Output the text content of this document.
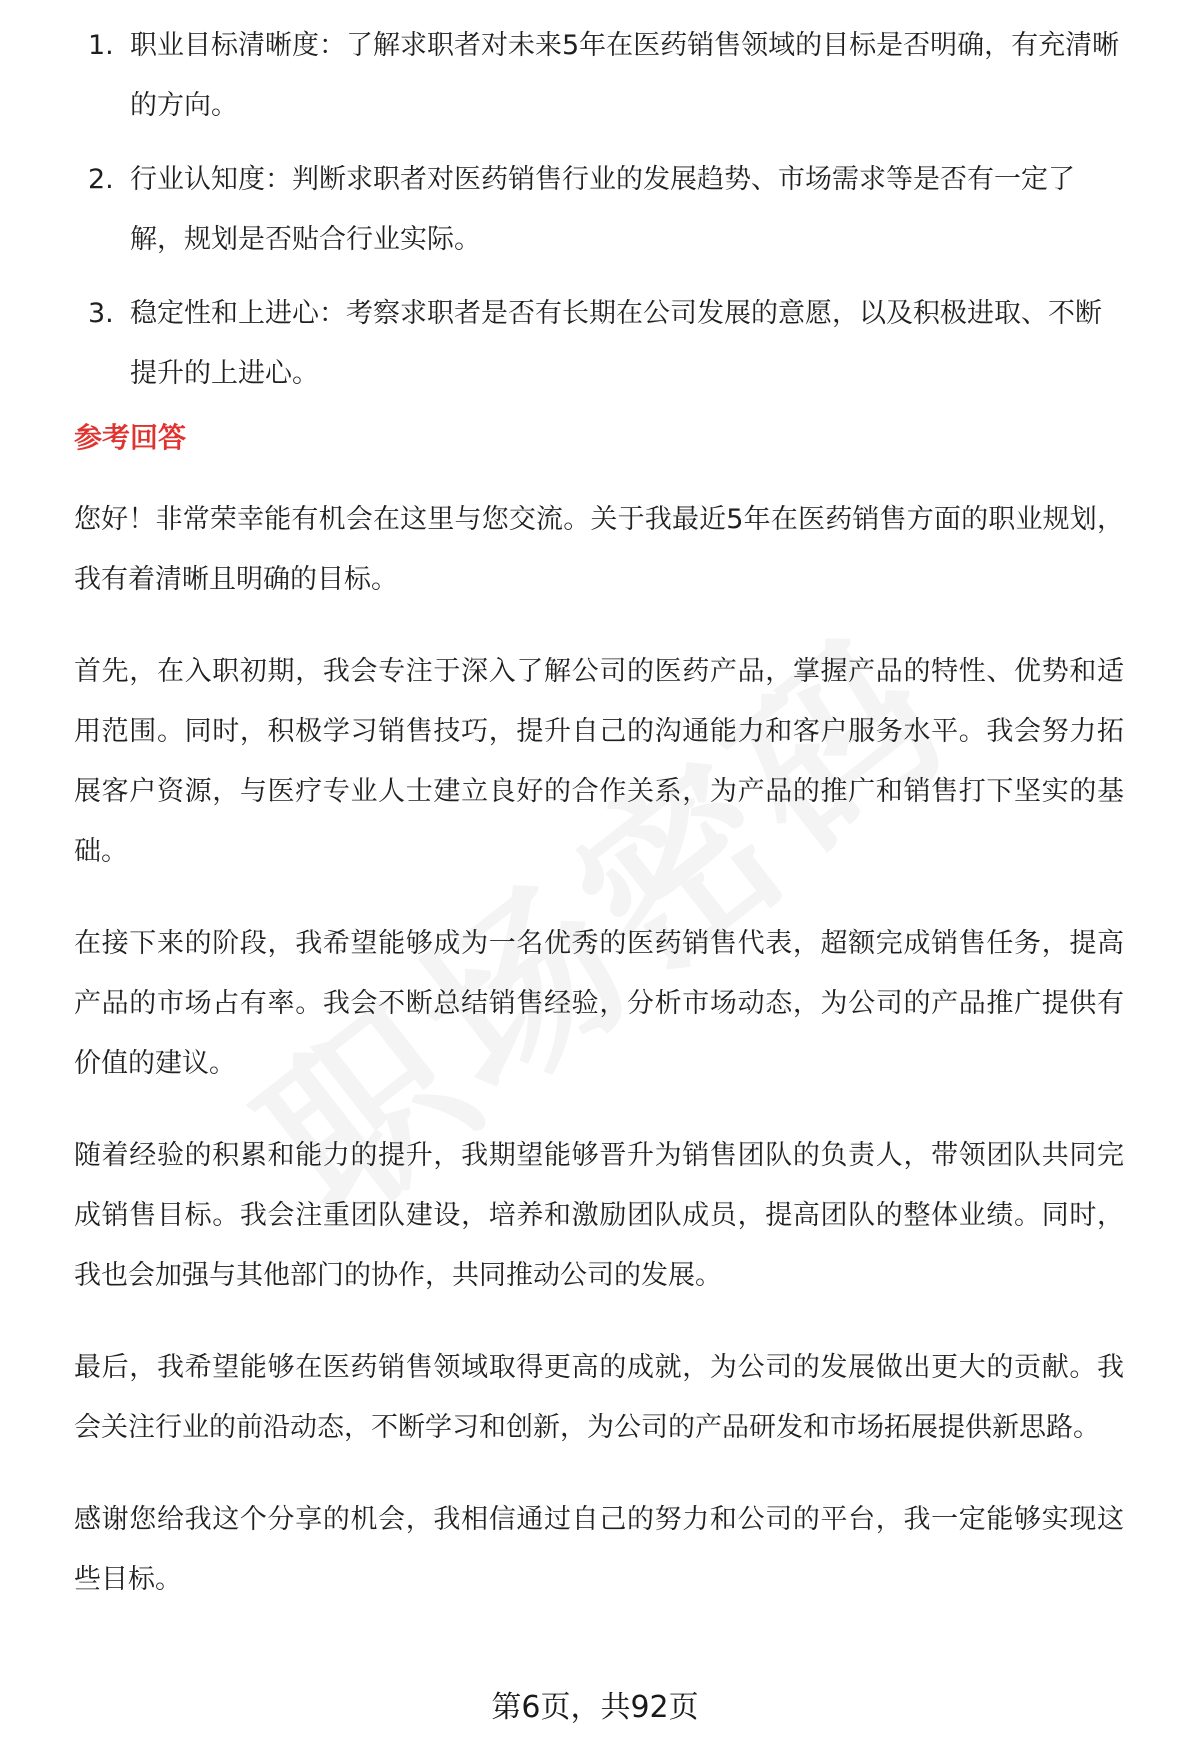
1. 职业目标清晰度：了解求职者对未来5年在医药销售领域的目标是否明确，有充清晰的方向。
2. 行业认知度：判断求职者对医药销售行业的发展趋势、市场需求等是否有一定了解，规划是否贴合行业实际。
3. 稳定性和上进心：考察求职者是否有长期在公司发展的意愿，以及积极进取、不断提升的上进心。
参考回答

您好！非常荣幸能有机会在这里与您交流。关于我最近5年在医药销售方面的职业规划，我有着清晰且明确的目标。

首先，在入职初期，我会专注于深入了解公司的医药产品，掌握产品的特性、优势和适用范围。同时，积极学习销售技巧，提升自己的沟通能力和客户服务水平。我会努力拓展客户资源，与医疗专业人士建立良好的合作关系，为产品的推广和销售打下坚实的基础。

在接下来的阶段，我希望能够成为一名优秀的医药销售代表，超额完成销售任务，提高产品的市场占有率。我会不断总结销售经验，分析市场动态，为公司的产品推广提供有价值的建议。

随着经验的积累和能力的提升，我期望能够晋升为销售团队的负责人，带领团队共同完成销售目标。我会注重团队建设，培养和激励团队成员，提高团队的整体业绩。同时，我也会加强与其他部门的协作，共同推动公司的发展。

最后，我希望能够在医药销售领域取得更高的成就，为公司的发展做出更大的贡献。我会关注行业的前沿动态，不断学习和创新，为公司的产品研发和市场拓展提供新思路。

感谢您给我这个分享的机会，我相信通过自己的努力和公司的平台，我一定能够实现这些目标。

第6页，共92页
